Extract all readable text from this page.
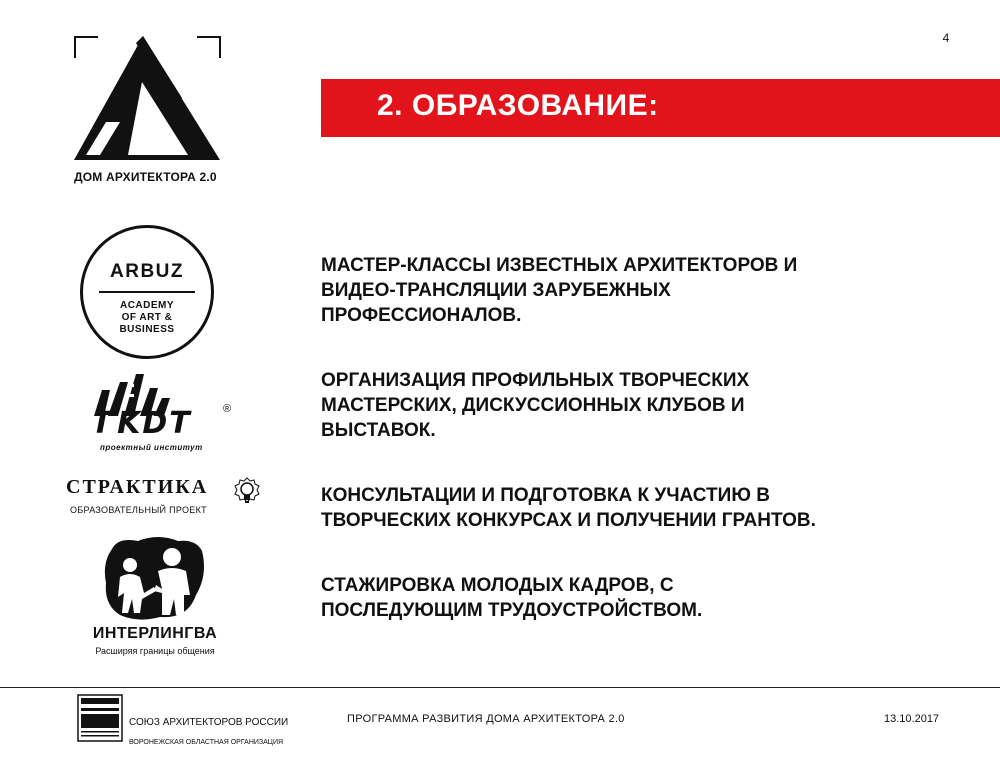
4
ДОМ АРХИТЕКТОРА 2.0
2. ОБРАЗОВАНИЕ:

МАСТЕР-КЛАССЫ ИЗВЕСТНЫХ АРХИТЕКТОРОВ И
ВИДЕО-ТРАНСЛЯЦИИ ЗАРУБЕЖНЫХ
ПРОФЕССИОНАЛОВ.

ОРГАНИЗАЦИЯ ПРОФИЛЬНЫХ ТВОРЧЕСКИХ
МАСТЕРСКИХ, ДИСКУССИОННЫХ КЛУБОВ И
ВЫСТАВОК.

КОНСУЛЬТАЦИИ И ПОДГОТОВКА К УЧАСТИЮ В
ТВОРЧЕСКИХ КОНКУРСАХ И ПОЛУЧЕНИИ ГРАНТОВ.

СТАЖИРОВКА МОЛОДЫХ КАДРОВ, С
ПОСЛЕДУЮЩИМ ТРУДОУСТРОЙСТВОМ.

ARBUZ
ACADEMY
OF ART &
BUSINESS
ГKDT	®
проектный институт
СТРАКТИКА
ОБРАЗОВАТЕЛЬНЫЙ ПРОЕКТ
ИНТЕРЛИНГВА
Расширяя границы общения

СОЮЗ АРХИТЕКТОРОВ РОССИИ

ВОРОНЕЖСКАЯ ОБЛАСТНАЯ ОРГАНИЗАЦИЯ

ПРОГРАММА РАЗВИТИЯ ДОМА АРХИТЕКТОРА 2.0	13.10.2017
